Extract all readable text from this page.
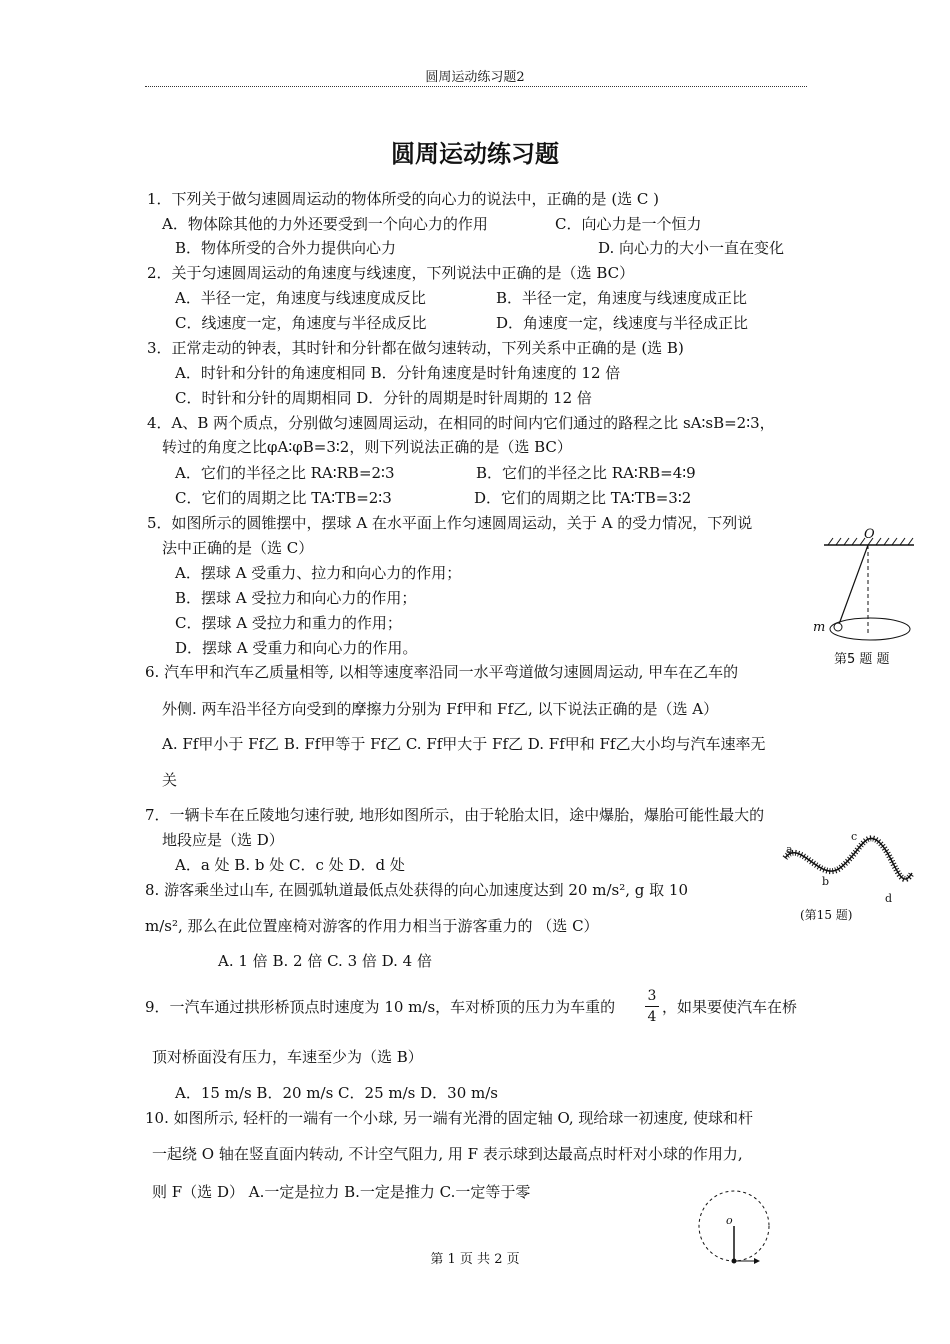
圆周运动练习题2
圆周运动练习题
1．下列关于做匀速圆周运动的物体所受的向心力的说法中，正确的是 (选 C )
A．物体除其他的力外还要受到一个向心力的作用	C．向心力是一个恒力
B．物体所受的合外力提供向心力	D. 向心力的大小一直在变化
2．关于匀速圆周运动的角速度与线速度，下列说法中正确的是（选 BC）
A．半径一定，角速度与线速度成反比	B．半径一定，角速度与线速度成正比
C．线速度一定，角速度与半径成反比	D．角速度一定，线速度与半径成正比
3．正常走动的钟表，其时针和分针都在做匀速转动，下列关系中正确的是 (选 B)
A．时针和分针的角速度相同 B．分针角速度是时针角速度的 12 倍
C．时针和分针的周期相同 D．分针的周期是时针周期的 12 倍
4．A、B 两个质点，分别做匀速圆周运动，在相同的时间内它们通过的路程之比 sA∶sB=2∶3，
转过的角度之比φA∶φB=3∶2，则下列说法正确的是（选 BC）
A．它们的半径之比 RA∶RB=2∶3	B．它们的半径之比 RA∶RB=4∶9
C．它们的周期之比 TA∶TB=2∶3	D．它们的周期之比 TA∶TB=3∶2
5．如图所示的圆锥摆中，摆球 A 在水平面上作匀速圆周运动，关于 A 的受力情况，下列说
法中正确的是（选 C）
A．摆球 A 受重力、拉力和向心力的作用；
B．摆球 A 受拉力和向心力的作用；
C．摆球 A 受拉力和重力的作用；
D．摆球 A 受重力和向心力的作用。
O
m
第5 题 题
6. 汽车甲和汽车乙质量相等, 以相等速度率沿同一水平弯道做匀速圆周运动, 甲车在乙车的
外侧. 两车沿半径方向受到的摩擦力分别为 Ff甲和 Ff乙, 以下说法正确的是（选 A）
A. Ff甲小于 Ff乙 B. Ff甲等于 Ff乙 C. Ff甲大于 Ff乙 D. Ff甲和 Ff乙大小均与汽车速率无
关
7．一辆卡车在丘陵地匀速行驶, 地形如图所示，由于轮胎太旧，途中爆胎，爆胎可能性最大的
地段应是（选 D）
A．a 处 B. b 处 C．c 处 D．d 处
a
b
c
d
(第15 题)
8. 游客乘坐过山车, 在圆弧轨道最低点处获得的向心加速度达到 20 m/s², g 取 10
m/s², 那么在此位置座椅对游客的作用力相当于游客重力的 （选 C）
A. 1 倍 B. 2 倍 C. 3 倍 D. 4 倍
9．一汽车通过拱形桥顶点时速度为 10 m/s，车对桥顶的压力为车重的
3
4
，如果要使汽车在桥
顶对桥面没有压力，车速至少为（选 B）
A．15 m/s B．20 m/s C．25 m/s D．30 m/s
10. 如图所示, 轻杆的一端有一个小球, 另一端有光滑的固定轴 O, 现给球一初速度, 使球和杆
一起绕 O 轴在竖直面内转动, 不计空气阻力, 用 F 表示球到达最高点时杆对小球的作用力,
则 F（选 D） A.一定是拉力 B.一定是推力 C.一定等于零
o
第 1 页 共 2 页
